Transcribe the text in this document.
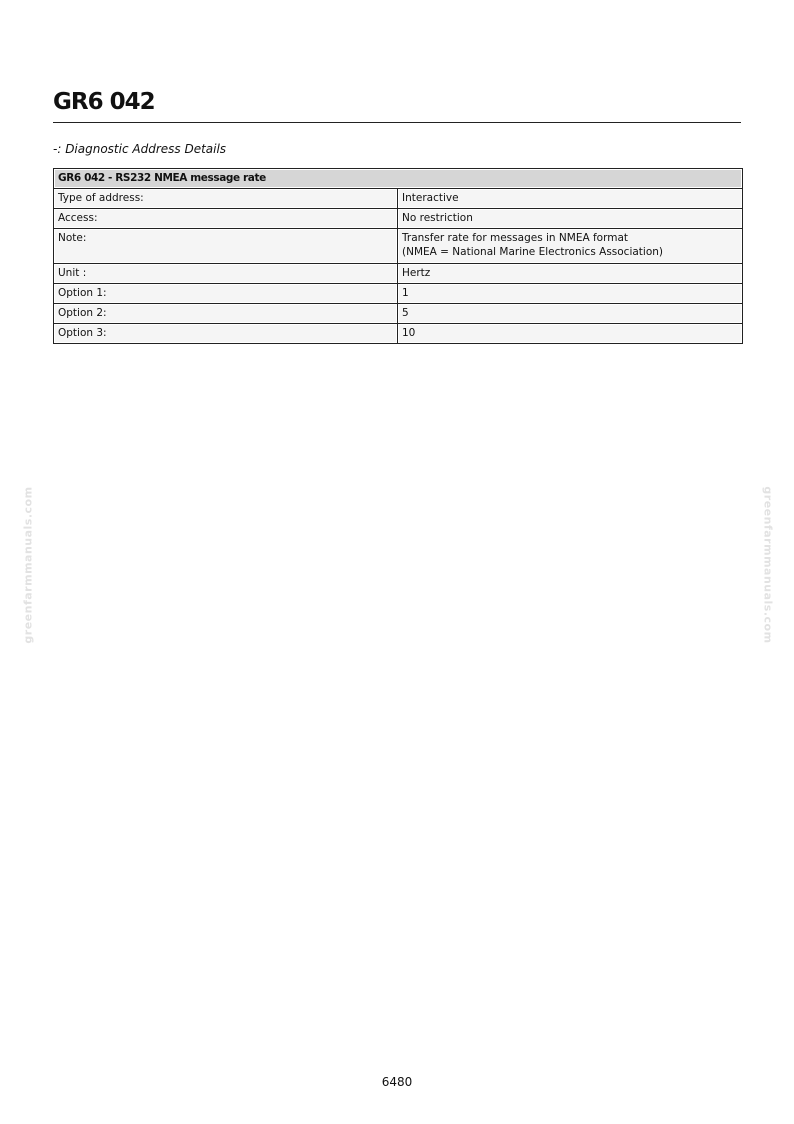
GR6 042

-: Diagnostic Address Details

GR6 042 - RS232 NMEA message rate	
Type of address:	Interactive
Access:	No restriction
Note:	Transfer rate for messages in NMEA format
(NMEA = National Marine Electronics Association)

Unit :	Hertz
Option 1:	1
Option 2:	5
Option 3:	10
greenfarmmanuals.com	greenfarmmanuals.com
6480
